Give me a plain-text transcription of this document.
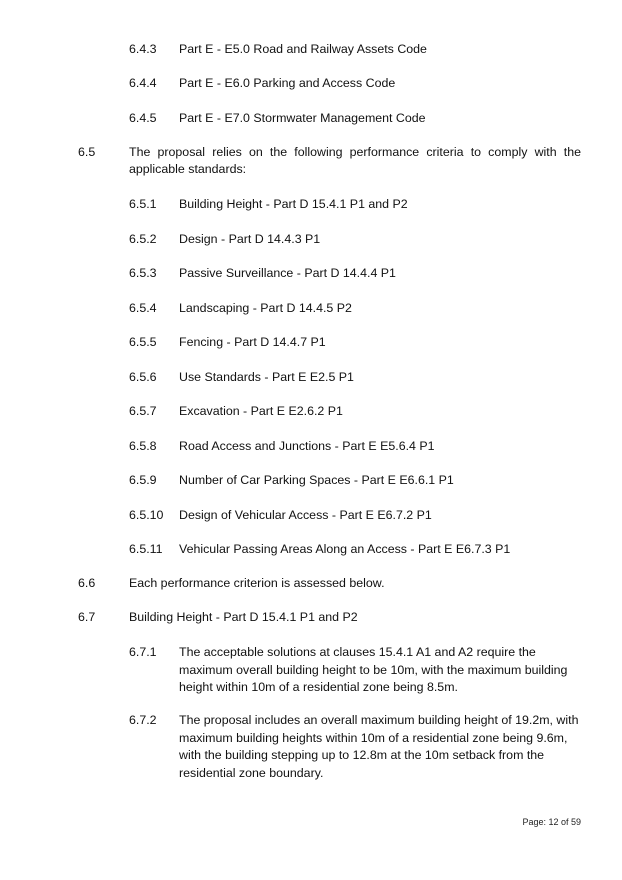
6.4.3 Part E - E5.0 Road and Railway Assets Code
6.4.4 Part E - E6.0 Parking and Access Code
6.4.5 Part E - E7.0 Stormwater Management Code
6.5	The proposal relies on the following performance criteria to comply with the applicable standards:
6.5.1 Building Height - Part D 15.4.1 P1 and P2
6.5.2 Design - Part D 14.4.3 P1
6.5.3 Passive Surveillance - Part D 14.4.4 P1
6.5.4 Landscaping - Part D 14.4.5 P2
6.5.5 Fencing - Part D 14.4.7 P1
6.5.6 Use Standards - Part E E2.5 P1
6.5.7 Excavation - Part E E2.6.2 P1
6.5.8 Road Access and Junctions - Part E E5.6.4 P1
6.5.9 Number of Car Parking Spaces - Part E E6.6.1 P1
6.5.10 Design of Vehicular Access - Part E E6.7.2 P1
6.5.11 Vehicular Passing Areas Along an Access - Part E E6.7.3 P1
6.6	Each performance criterion is assessed below.
6.7	Building Height - Part D 15.4.1 P1 and P2
6.7.1 The acceptable solutions at clauses 15.4.1 A1 and A2 require the maximum overall building height to be 10m, with the maximum building height within 10m of a residential zone being 8.5m.
6.7.2 The proposal includes an overall maximum building height of 19.2m, with maximum building heights within 10m of a residential zone being 9.6m, with the building stepping up to 12.8m at the 10m setback from the residential zone boundary.
Page: 12 of 59
